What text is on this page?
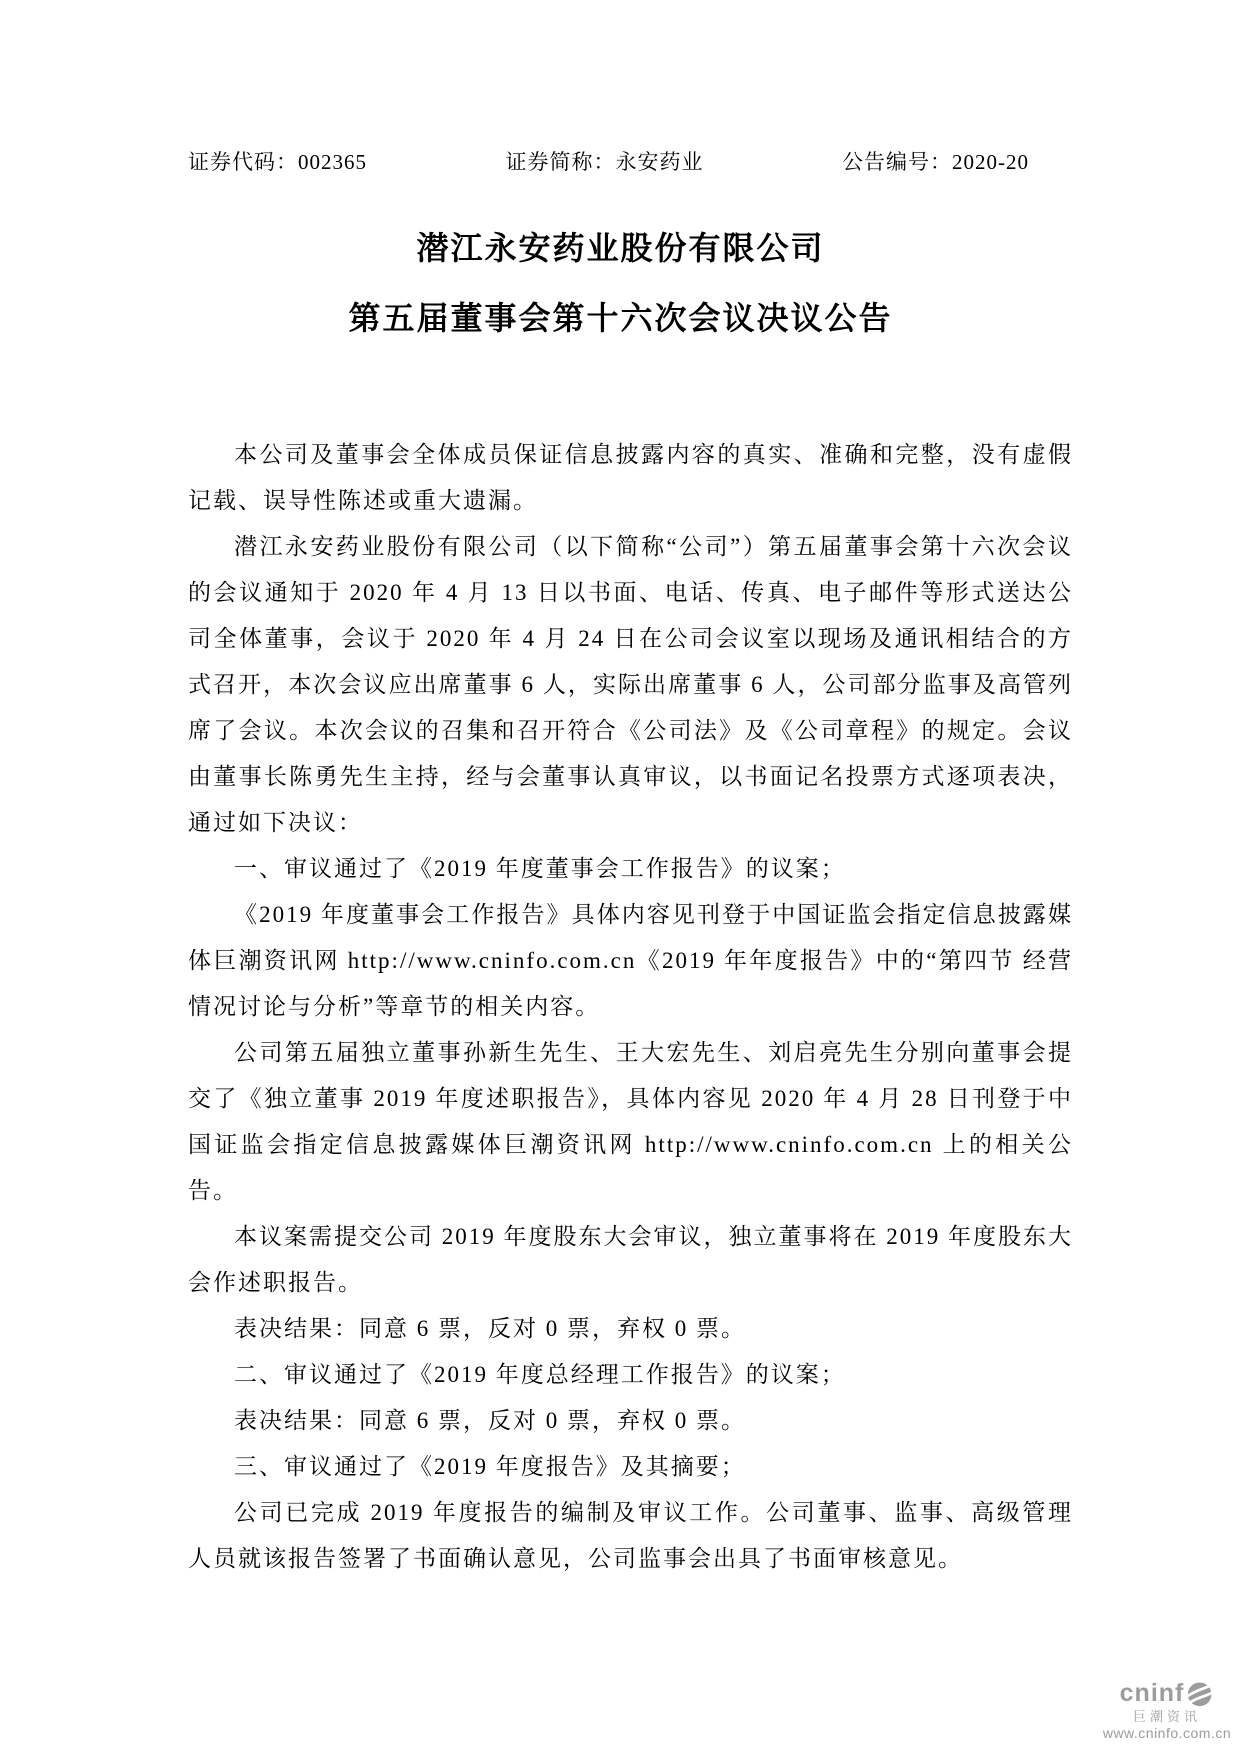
证券代码：002365	证券简称：永安药业	公告编号：2020-20
潜江永安药业股份有限公司
第五届董事会第十六次会议决议公告

本公司及董事会全体成员保证信息披露内容的真实、准确和完整，没有虚假记载、误导性陈述或重大遗漏。

潜江永安药业股份有限公司（以下简称“公司”）第五届董事会第十六次会议的会议通知于 2020 年 4 月 13 日以书面、电话、传真、电子邮件等形式送达公司全体董事，会议于 2020 年 4 月 24 日在公司会议室以现场及通讯相结合的方式召开，本次会议应出席董事 6 人，实际出席董事 6 人，公司部分监事及高管列席了会议。本次会议的召集和召开符合《公司法》及《公司章程》的规定。会议由董事长陈勇先生主持，经与会董事认真审议，以书面记名投票方式逐项表决，通过如下决议：

一、审议通过了《2019 年度董事会工作报告》的议案；

《2019 年度董事会工作报告》具体内容见刊登于中国证监会指定信息披露媒体巨潮资讯网 http://www.cninfo.com.cn《2019 年年度报告》中的“第四节 经营情况讨论与分析”等章节的相关内容。

公司第五届独立董事孙新生先生、王大宏先生、刘启亮先生分别向董事会提交了《独立董事 2019 年度述职报告》，具体内容见 2020 年 4 月 28 日刊登于中国证监会指定信息披露媒体巨潮资讯网 http://www.cninfo.com.cn 上的相关公告。

本议案需提交公司 2019 年度股东大会审议，独立董事将在 2019 年度股东大会作述职报告。

表决结果：同意 6 票，反对 0 票，弃权 0 票。

二、审议通过了《2019 年度总经理工作报告》的议案；

表决结果：同意 6 票，反对 0 票，弃权 0 票。

三、审议通过了《2019 年度报告》及其摘要；

公司已完成 2019 年度报告的编制及审议工作。公司董事、监事、高级管理人员就该报告签署了书面确认意见，公司监事会出具了书面审核意见。

cninf
巨潮资讯
www.cninfo.com.cn
